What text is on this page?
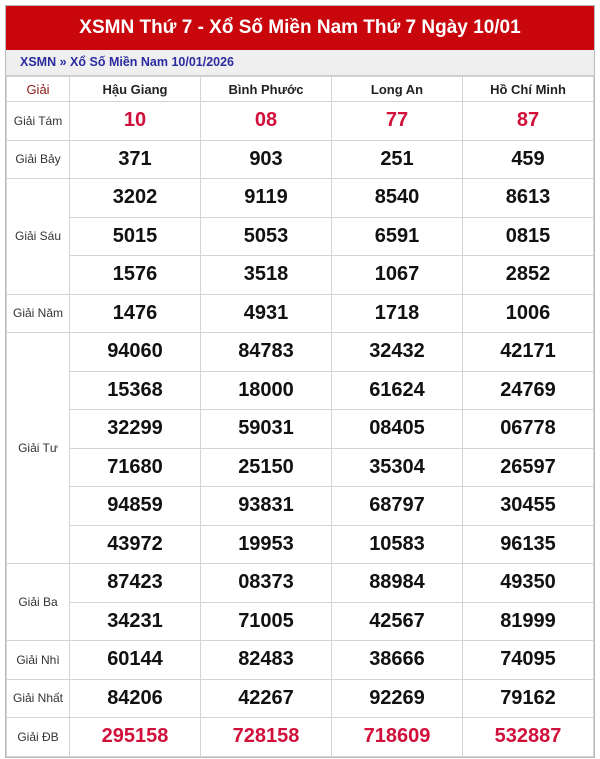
XSMN Thứ 7 - Xổ Số Miền Nam Thứ 7 Ngày 10/01
XSMN » Xổ Số Miền Nam 10/01/2026
Giải	Hậu Giang	Bình Phước	Long An	Hồ Chí Minh
Giải Tám	10	08	77	87
Giải Bảy	371	903	251	459
Giải Sáu	3202	9119	8540	8613
	5015	5053	6591	0815
	1576	3518	1067	2852
Giải Năm	1476	4931	1718	1006
Giải Tư	94060	84783	32432	42171
	15368	18000	61624	24769
	32299	59031	08405	06778
	71680	25150	35304	26597
	94859	93831	68797	30455
	43972	19953	10583	96135
Giải Ba	87423	08373	88984	49350
	34231	71005	42567	81999
Giải Nhì	60144	82483	38666	74095
Giải Nhất	84206	42267	92269	79162
Giải ĐB	295158	728158	718609	532887
